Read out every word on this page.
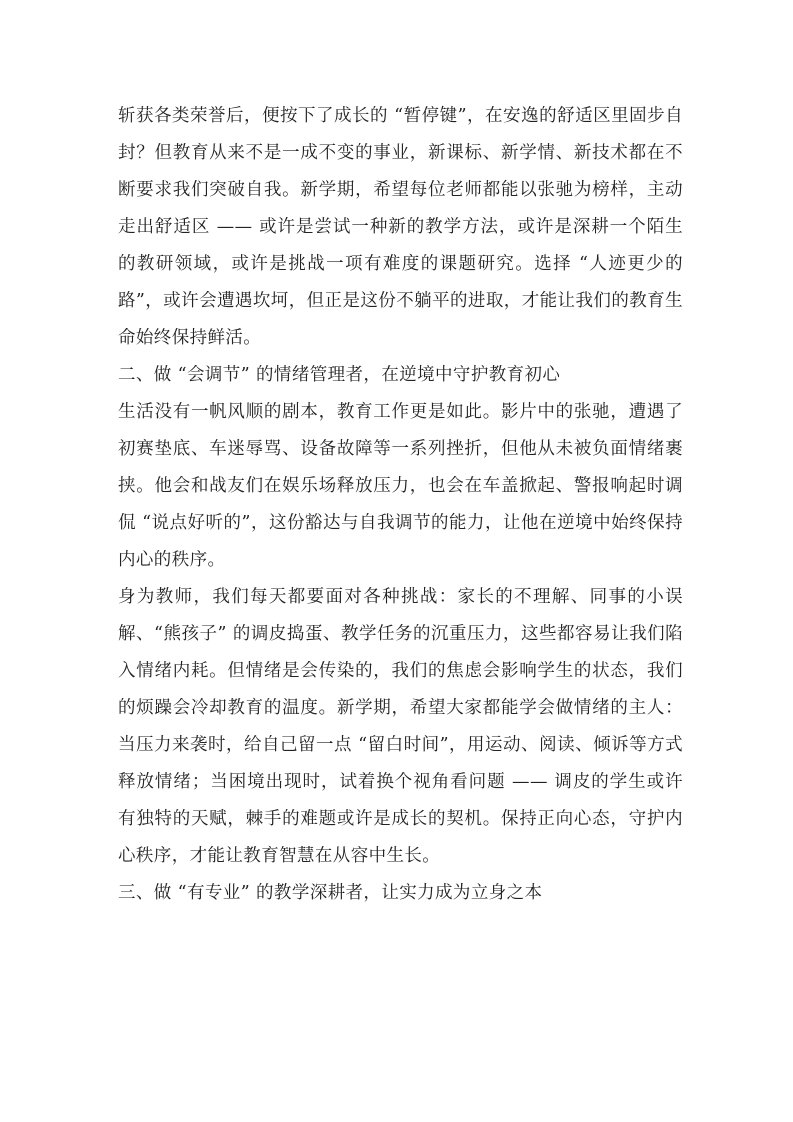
斩获各类荣誉后，便按下了成长的 “暂停键”，在安逸的舒适区里固步自封？但教育从来不是一成不变的事业，新课标、新学情、新技术都在不断要求我们突破自我。新学期，希望每位老师都能以张驰为榜样，主动走出舒适区 —— 或许是尝试一种新的教学方法，或许是深耕一个陌生的教研领域，或许是挑战一项有难度的课题研究。选择 “人迹更少的路”，或许会遭遇坎坷，但正是这份不躺平的进取，才能让我们的教育生命始终保持鲜活。

二、做 “会调节” 的情绪管理者，在逆境中守护教育初心

生活没有一帆风顺的剧本，教育工作更是如此。影片中的张驰，遭遇了初赛垫底、车迷辱骂、设备故障等一系列挫折，但他从未被负面情绪裹挟。他会和战友们在娱乐场释放压力，也会在车盖掀起、警报响起时调侃 “说点好听的”，这份豁达与自我调节的能力，让他在逆境中始终保持内心的秩序。

身为教师，我们每天都要面对各种挑战：家长的不理解、同事的小误解、“熊孩子” 的调皮捣蛋、教学任务的沉重压力，这些都容易让我们陷入情绪内耗。但情绪是会传染的，我们的焦虑会影响学生的状态，我们的烦躁会冷却教育的温度。新学期，希望大家都能学会做情绪的主人：当压力来袭时，给自己留一点 “留白时间”，用运动、阅读、倾诉等方式释放情绪；当困境出现时，试着换个视角看问题 —— 调皮的学生或许有独特的天赋，棘手的难题或许是成长的契机。保持正向心态，守护内心秩序，才能让教育智慧在从容中生长。

三、做 “有专业” 的教学深耕者，让实力成为立身之本
